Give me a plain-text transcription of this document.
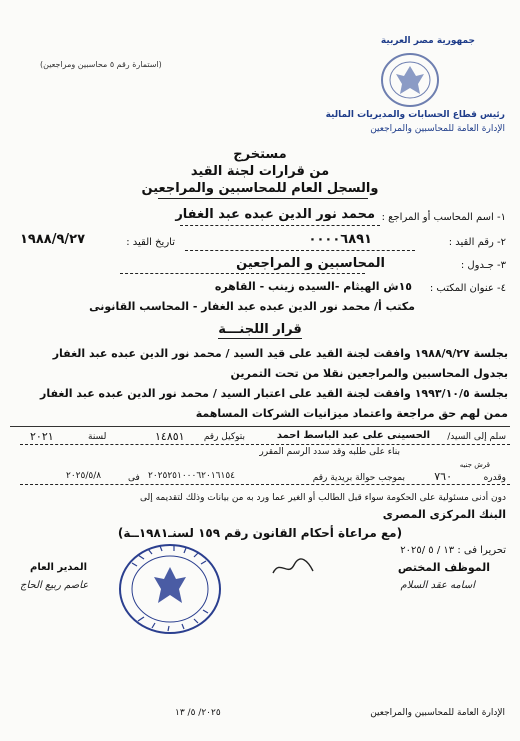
(استمارة رقم ٥ محاسبين ومراجعين)
جمهورية مصر العربية
رئيس قطاع الحسابات والمديريات المالية
الإدارة العامة للمحاسبين والمراجعين
مستخرج
من قرارات لجنة القيد
والسجل العام للمحاسبين والمراجعين
١- اسم المحاسب أو المراجع :
محمد نور الدين عبده عبد الغفار
٢- رقم القيد :
٠٠٠٠٦٨٩١
تاريخ القيد :
١٩٨٨/٩/٢٧
٣- جـدول :
المحاسبين و المراجعين
٤- عنوان المكتب :
١٥ش الهيثام -السيده زينب - القاهره
مكتب أ/ محمد نور الدين عبده عبد الغفار - المحاسب القانونى
قرار اللجنـــة
بجلسة ١٩٨٨/٩/٢٧ وافقت لجنة القيد على قيد السيد / محمد نور الدين عبده عبد الغفار
بجدول المحاسبين والمراجعين نقلا من تحت التمرين
بجلسة ١٩٩٣/١٠/٥ وافقت لجنة القيد على اعتبار السيد / محمد نور الدين عبده عبد الغفار
ممن لهم حق مراجعة واعتماد ميزانيات الشركات المساهمة
سلم إلى السيد/
الحسينى على عبد الباسط احمد
بتوكيل رقم
١٤٨٥١
لسنة
٢٠٢١
بناء على طلبه وقد سدد الرسم المقرر
قرش جنيه
وقدره
٧٦٠
بموجب حوالة بريدية رقم
٢٠٢٥٢٥١٠٠٠٦٢٠١٦١٥٤
فى
٢٠٢٥/٥/٨
دون أدنى مسئولية على الحكومة سواء قبل الطالب أو الغير عما ورد به من بيانات وذلك لتقديمه إلى
البنك المركزى المصرى
(مع مراعاة أحكام القانون رقم ١٥٩ لسنـ١٩٨١ــة)
تحريرا فى : ١٣ / ٥ /٢٠٢٥
الموظف المختص
اسامه عقد السلام
المدير العام
عاصم ربيع الحاج
الإدارة العامة للمحاسبين والمراجعين
٢٠٢٥/ ٥/ ١٣
